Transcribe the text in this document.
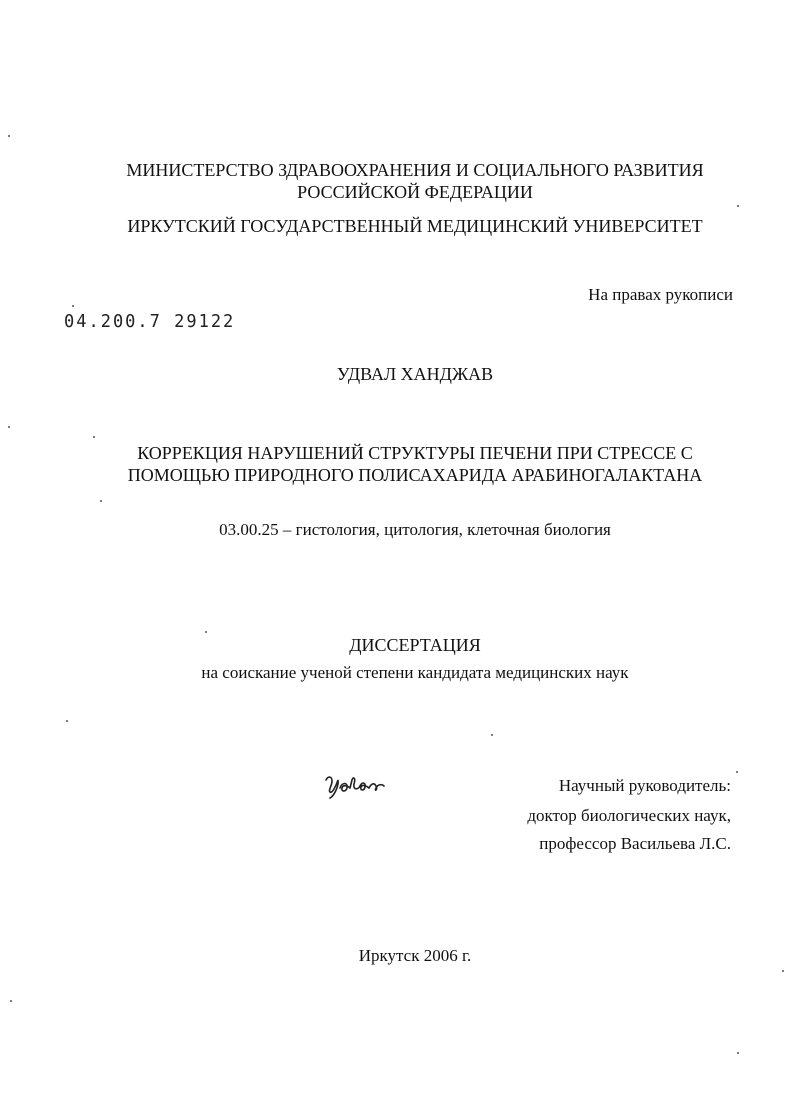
МИНИСТЕРСТВО ЗДРАВООХРАНЕНИЯ И СОЦИАЛЬНОГО РАЗВИТИЯ
РОССИЙСКОЙ ФЕДЕРАЦИИ
ИРКУТСКИЙ ГОСУДАРСТВЕННЫЙ МЕДИЦИНСКИЙ УНИВЕРСИТЕТ
На правах рукописи
04.200.7 29122
УДВАЛ ХАНДЖАВ
КОРРЕКЦИЯ НАРУШЕНИЙ СТРУКТУРЫ ПЕЧЕНИ ПРИ СТРЕССЕ С
ПОМОЩЬЮ ПРИРОДНОГО ПОЛИСАХАРИДА АРАБИНОГАЛАКТАНА
03.00.25 – гистология, цитология, клеточная биология
ДИССЕРТАЦИЯ
на соискание ученой степени кандидата медицинских наук
Научный руководитель:
доктор биологических наук,
профессор Васильева Л.С.
Иркутск 2006 г.
